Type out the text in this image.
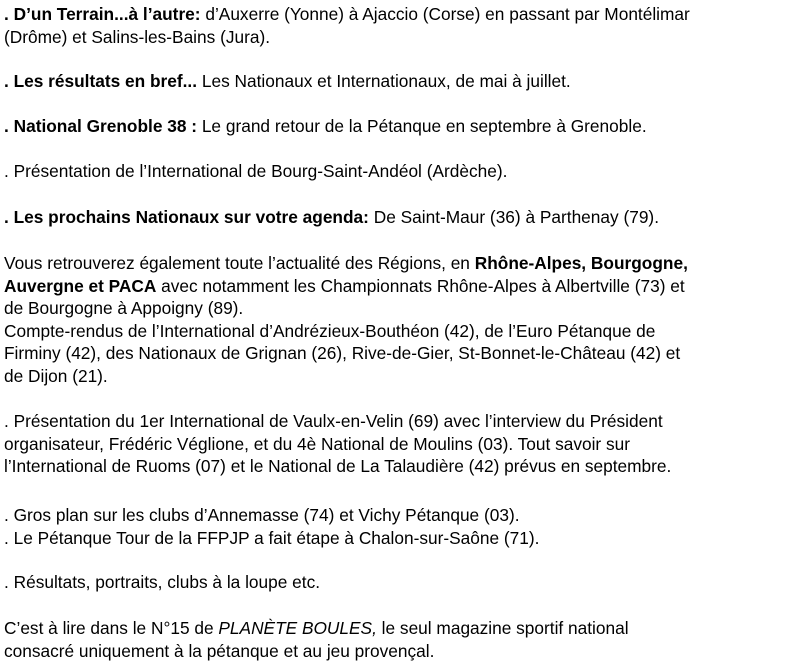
. D’un Terrain...à l’autre: d’Auxerre (Yonne) à Ajaccio (Corse) en passant par Montélimar

(Drôme) et Salins-les-Bains (Jura).

. Les résultats en bref... Les Nationaux et Internationaux, de mai à juillet.

. National Grenoble 38 : Le grand retour de la Pétanque en septembre à Grenoble.

. Présentation de l’International de Bourg-Saint-Andéol (Ardèche).

. Les prochains Nationaux sur votre agenda: De Saint-Maur (36) à Parthenay (79).

Vous retrouverez également toute l’actualité des Régions, en Rhône-Alpes, Bourgogne,

Auvergne et PACA avec notamment les Championnats Rhône-Alpes à Albertville (73) et

de Bourgogne à Appoigny (89).

Compte-rendus de l’International d’Andrézieux-Bouthéon (42), de l’Euro Pétanque de

Firminy (42), des Nationaux de Grignan (26), Rive-de-Gier, St-Bonnet-le-Château (42) et

de Dijon (21).

. Présentation du 1er International de Vaulx-en-Velin (69) avec l’interview du Président

organisateur, Frédéric Véglione, et du 4è National de Moulins (03). Tout savoir sur

l’International de Ruoms (07) et le National de La Talaudière (42) prévus en septembre.

. Gros plan sur les clubs d’Annemasse (74) et Vichy Pétanque (03).

. Le Pétanque Tour de la FFPJP a fait étape à Chalon-sur-Saône (71).

. Résultats, portraits, clubs à la loupe etc.

C’est à lire dans le N°15 de PLANÈTE BOULES, le seul magazine sportif national

consacré uniquement à la pétanque et au jeu provençal.
